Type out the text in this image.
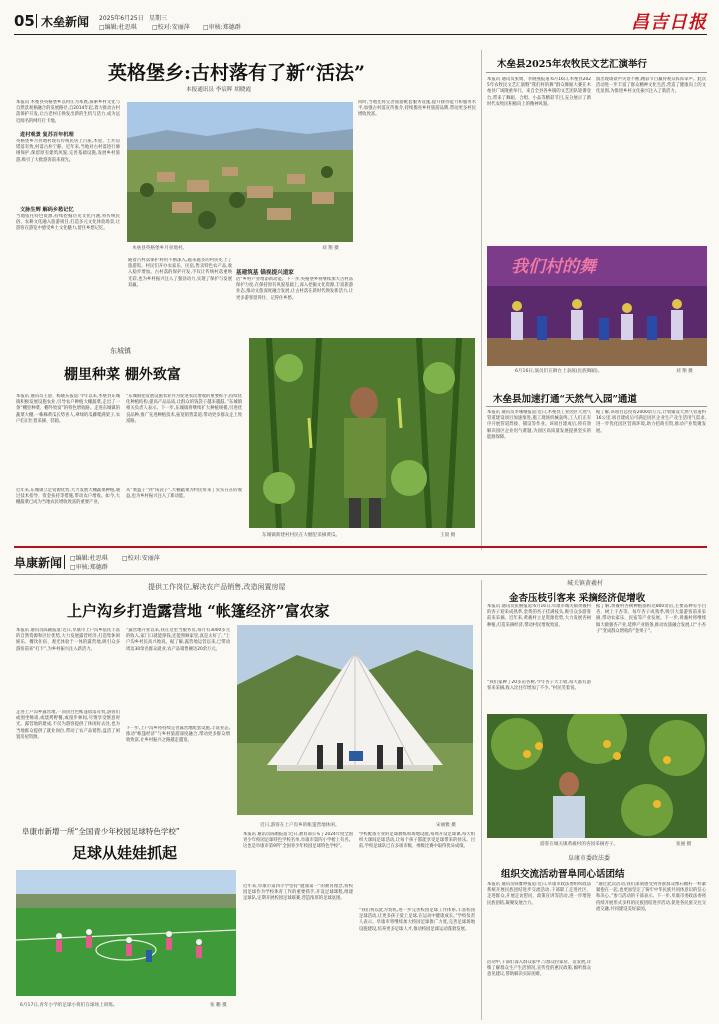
05 木垒新闻 2025年6月25日 星期三
□编辑:杜思琪	□校对:安丽萍 □审核:郑德群	昌吉日报
英格堡乡:古村落有了新“活法”
本报通讯员 李宸晖 胡晓霞
进村观景 复苏百年机理
本报讯 木垒县英格堡乡以村庄为本底,探索乡村文化与自然景观相融合的发展路径,自2014年起,着力推动古村落保护开发,让古老村庄焕发出新的生机与活力,成为远近闻名的网红打卡地。
英格堡乡月亮地村现有传统民居上百座,木屋、土坯房错落有致,村落古朴宁静。近年来,当地对古村落进行修缮保护,保留原有建筑风貌,完善基础设施,发展乡村旅游,吸引了大批游客前来观光。
文脉生辉 解码乡愁记忆
当地依托特色资源,持续挖掘历史文化内涵,将传统民俗、农耕文化融入旅游项目,打造多元文化体验场景,让游客在游览中感受乡土文化魅力,留住乡愁记忆。
木垒县英格堡乡月亮地村。	刘 翔 摄
基建筑基 锚视提兴道家
随着古村落保护利用不断深入,越来越多的村民吃上了旅游饭。村民们开办农家乐、民宿,售卖特色农产品,收入稳步增加。古村落的保护开发,不仅让传统村落重焕光彩,也为乡村振兴注入了强劲动力,实现了保护与发展双赢。
活“乡村产业增添新动能。下一步,英格堡乡将继续加大古村落保护力度,在保持原有风貌基础上,深入挖掘文化资源,丰富旅游业态,推动文旅深度融合发展,让古村落在新时代焕发新活力,让更多游客留得住、记得住乡愁。
同时,当地还将完善旅游配套服务设施,提升接待能力和服务水平,加强古村落宣传推介,持续擦亮乡村旅游品牌,带动更多村民增收致富。
木垒县2025年农牧民文艺汇演举行
本报讯 通讯员张婧、李晓燕报道:6月16日,木垒县2025年农牧民文艺汇演暨“我们村的舞”群众舞蹈大赛在木垒县广场隆重举行。来自全县各乡镇的文艺团队轮番登台,带来了舞蹈、合唱、小品等精彩节目,充分展示了新时代农牧民积极向上的精神风貌。
演出现场欢声笑语不断,精彩节目赢得观众阵阵掌声。此次活动进一步丰富了群众精神文化生活,营造了健康向上的文化氛围,为推进乡村文化振兴注入了新活力。
我们村的舞
6月16日,演员们在舞台上表演(民族舞蹈)。	刘 翔 摄
东城镇
棚里种菜 棚外致富
本报讯 通讯员王晨、杨晓东报道:今年以来,木垒县东城镇积极发展设施农业,引导农户种植大棚蔬菜,走出了一条“棚里种菜、棚外致富”的特色增收路。走进东城镇的蔬菜大棚,一株株黄瓜长势喜人,翠绿的瓜藤爬满架子,农户们正忙着采摘、装箱。
近年来,东城镇立足资源优势,大力发展大棚蔬菜种植,通过技术指导、资金扶持等措施,带动农户增收。如今,大棚蔬菜已成为当地农民增收致富的重要产业。
“东城镇把发展设施农业作为促进农民增收的重要抓手,持续优化种植结构,提高产品品质,让群众的钱袋子越来越鼓。”东城镇相关负责人表示。下一步,东城镇将继续扩大种植规模,引进优良品种,推广先进种植技术,拓宽销售渠道,带动更多群众走上致富路。
从“菜篮子”到“钱袋子”,大棚蔬菜为村民带来了实实在在的收益,也为乡村振兴注入了新动能。
东城镇新建村村民在大棚里采摘黄瓜。	王晨 摄
木垒县加速打通“天然气入园”通道
本报讯 通讯员李珊珊报道:近日,木垒县工业园区天然气管道建设项目加速推进,施工现场机械轰鸣,工人们正有序开展管道焊接、铺设等作业。该项目建成后,将有效解决园区企业用气难题,为园区高质量发展提供坚实的能源保障。
据了解,该项目总投资2000余万元,计划铺设天然气管道约16公里,项目建成后可满足园区企业生产及生活用气需求,进一步优化园区营商环境,助力招商引资,推动产业集聚发展。
阜康新闻 □编辑:杜思琪 □校对:安丽萍
□审核:郑德群
提供工作岗位,解决农产品销售,改造闲置房屋
上户沟乡打造露营地 “帐篷经济”富农家
本报讯 通讯员陈颖报道:近日,阜康市上户沟乡依托丰富的自然资源和区位优势,大力发展露营经济,打造集休闲娱乐、餐饮住宿、观光体验于一体的露营地,吸引众多游客前来“打卡”,为乡村振兴注入新活力。
走进上户沟乡露营地,一顶顶白色帐篷错落有致,游客们或围坐畅谈,或烧烤野餐,或漫步林间,尽情享受惬意时光。露营地的建成,不仅为游客提供了休闲好去处,也为当地群众提供了就业岗位,带动了农产品销售,盘活了闲置房屋资源。
“露营地开业以来,我在这里当服务员,每月有3000多元的收入,家门口就能挣钱,还能照顾家里,真是太好了。”上户沟乡村民高兴地说。据了解,露营地运营以来,已带动周边30余名群众就业,农产品销售额达20余万元。
下一步,上户沟乡将持续完善露营地配套设施,丰富业态,推动“帐篷经济”与乡村旅游深度融合,带动更多群众增收致富,让乡村振兴之路越走越宽。
近日,游客在上户沟乡的帐篷营地休闲。	宋丽雅 摄
城关镇黄羲村
金杏压枝引客来 采摘经济促增收
本报讯 通讯员张丽报道:6月16日,阜康市城关镇黄羲村的杏子迎来成熟季,金黄的杏子挂满枝头,吸引众多游客前来采摘。近年来,黄羲村立足资源优势,大力发展杏树种植,打造采摘经济,带动村民增收致富。
“我们家种了20多亩杏树,今年杏子大丰收,每天都有游客来采摘,收入比往年增加了不少。”村民笑着说。
据了解,黄羲村杏树种植面积达800余亩,主要品种有小白杏、树上干杏等。每年杏子成熟季,吸引大量游客前来采摘,带动农家乐、民宿等产业发展。下一步,黄羲村将继续做大做强杏产业,延伸产业链条,推动农旅融合发展,让“小杏子”变成群众增收的“金果子”。
游客在城关镇黄羲村的杏园采摘杏子。	张丽 摄
阜康市新增一所“全国青少年校园足球特色学校”
足球从娃娃抓起
6月17日,青年小学的足球小将们在球场上训练。	张 鹏 摄
本报讯 通讯员陈刚报道:近日,教育部公布了2024年度全国青少年校园足球特色学校名单,阜康市第四小学榜上有名。这也是阜康市第9所“全国青少年校园足球特色学校”。
近年来,阜康市第四小学坚持“健康第一”的教育理念,将校园足球作为学校体育工作的重要抓手,开设足球课程,组建足球队,定期开展校园足球联赛,营造浓厚的足球氛围。
学校配备专业的足球教练和场地设施,每周开设足球课,每天组织大课间足球活动,让每个孩子都能享受足球带来的快乐。目前,学校足球队已在多项市级、州级比赛中取得优异成绩。
“我们将以此为契机,进一步完善校园足球工作体系,丰富校园足球活动,让更多孩子爱上足球,在运动中健康成长。”学校负责人表示。阜康市将继续加大校园足球推广力度,完善足球场地设施建设,培养更多足球人才,推动校园足球运动蓬勃发展。
阜康市委政法委
组织交流活动晋阜同心话团结
本报讯 通讯员韩雅婷报道:近日,阜康市政法委组织政法系统开展民族团结进步交流活动,干部职工走进社区、走进群众,开展走访慰问、政策宣讲等活动,进一步增进民族团结,凝聚发展合力。
活动中,干部们深入群众家中,与群众拉家常、话发展,详细了解群众生产生活情况,宣传党的惠民政策,倾听群众意见建议,帮助解决实际困难。
“通过此次活动,我们深刻感受到各族群众像石榴籽一样紧紧抱在一起,也更加坚定了铸牢中华民族共同体意识的信心和决心。”参与活动的干部表示。下一步,阜康市委政法委将持续开展形式多样的民族团结进步活动,促进各民族交往交流交融,共同建设美好家园。
